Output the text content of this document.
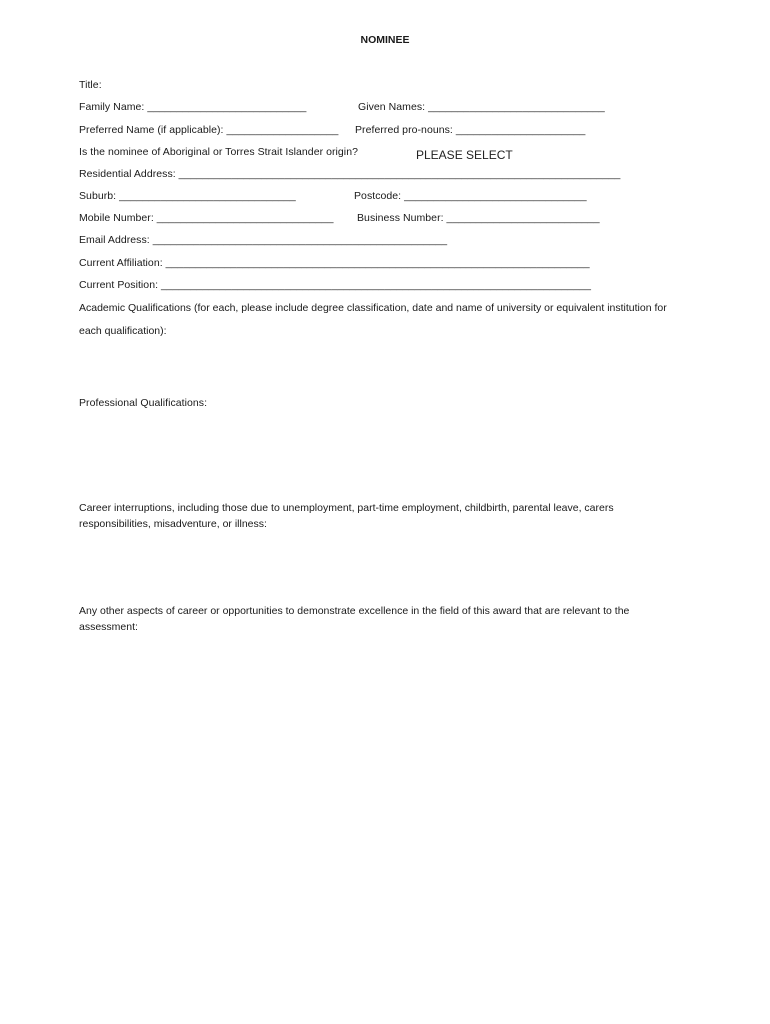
NOMINEE
Title:
Family Name: ___________________________	Given Names: ______________________________
Preferred Name (if applicable): ___________________ Preferred pro-nouns: ______________________
Is the nominee of Aboriginal or Torres Strait Islander origin?	PLEASE SELECT
Residential Address: ___________________________________________________________________________
Suburb: ______________________________	Postcode: _______________________________
Mobile Number: ______________________________ Business Number: __________________________
Email Address: __________________________________________________
Current Affiliation: ________________________________________________________________________
Current Position: _________________________________________________________________________
Academic Qualifications (for each, please include degree classification, date and name of university or equivalent institution for each qualification):
Professional Qualifications:
Career interruptions, including those due to unemployment, part-time employment, childbirth, parental leave, carers responsibilities, misadventure, or illness:
Any other aspects of career or opportunities to demonstrate excellence in the field of this award that are relevant to the assessment:
